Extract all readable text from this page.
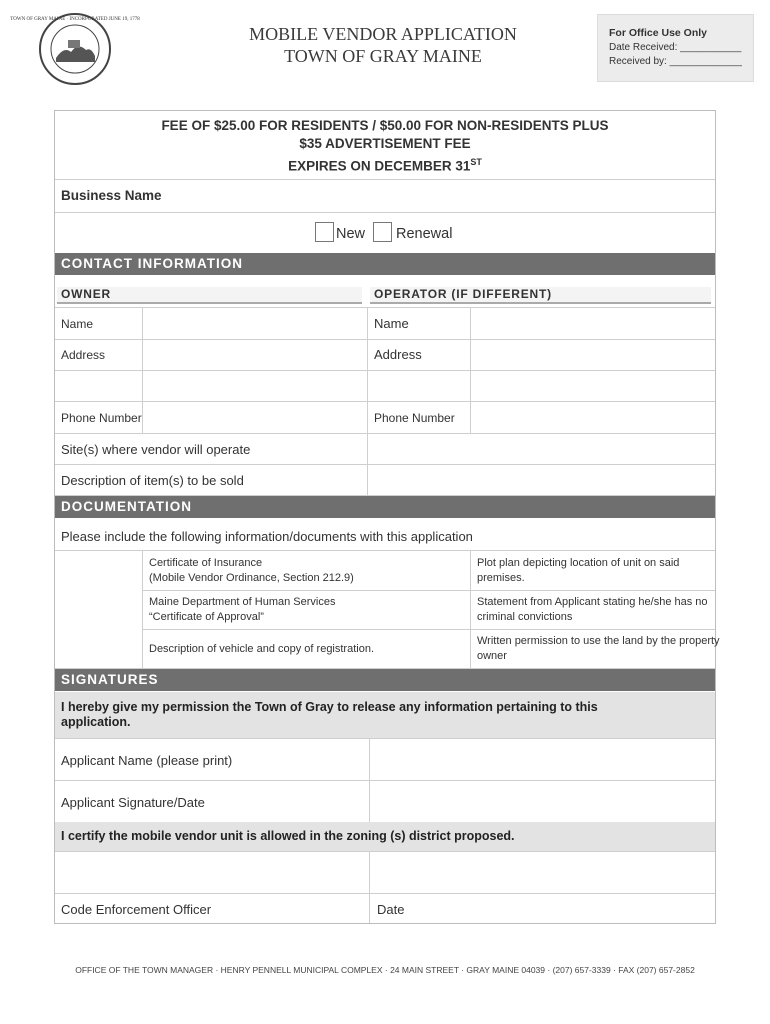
TOWN OF GRAY MAINE · INCORPORATED JUNE 19, 1778
MOBILE VENDOR APPLICATION
TOWN OF GRAY MAINE
For Office Use Only
Date Received: ___________
Received by: _____________
FEE OF $25.00 FOR RESIDENTS / $50.00 FOR NON-RESIDENTS PLUS
$35 ADVERTISEMENT FEE
EXPIRES ON DECEMBER 31ST
Business Name
New Renewal
CONTACT INFORMATION
OWNER	OPERATOR (IF DIFFERENT)
Name
Address
Phone Number
Name
Address
Phone Number
Site(s) where vendor will operate
Description of item(s) to be sold
DOCUMENTATION
Please include the following information/documents with this application
Certificate of Insurance
(Mobile Vendor Ordinance, Section 212.9)
Maine Department of Human Services
“Certificate of Approval”
Description of vehicle and copy of registration.
Plot plan depicting location of unit on said
premises.
Statement from Applicant stating he/she has no
criminal convictions
Written permission to use the land by the property
owner
SIGNATURES
I hereby give my permission the Town of Gray to release any information pertaining to this
application.
Applicant Name (please print)
Applicant Signature/Date
I certify the mobile vendor unit is allowed in the zoning (s) district proposed.
Code Enforcement Officer	Date
OFFICE OF THE TOWN MANAGER · HENRY PENNELL MUNICIPAL COMPLEX · 24 MAIN STREET · GRAY MAINE 04039 · (207) 657-3339 · FAX (207) 657-2852
